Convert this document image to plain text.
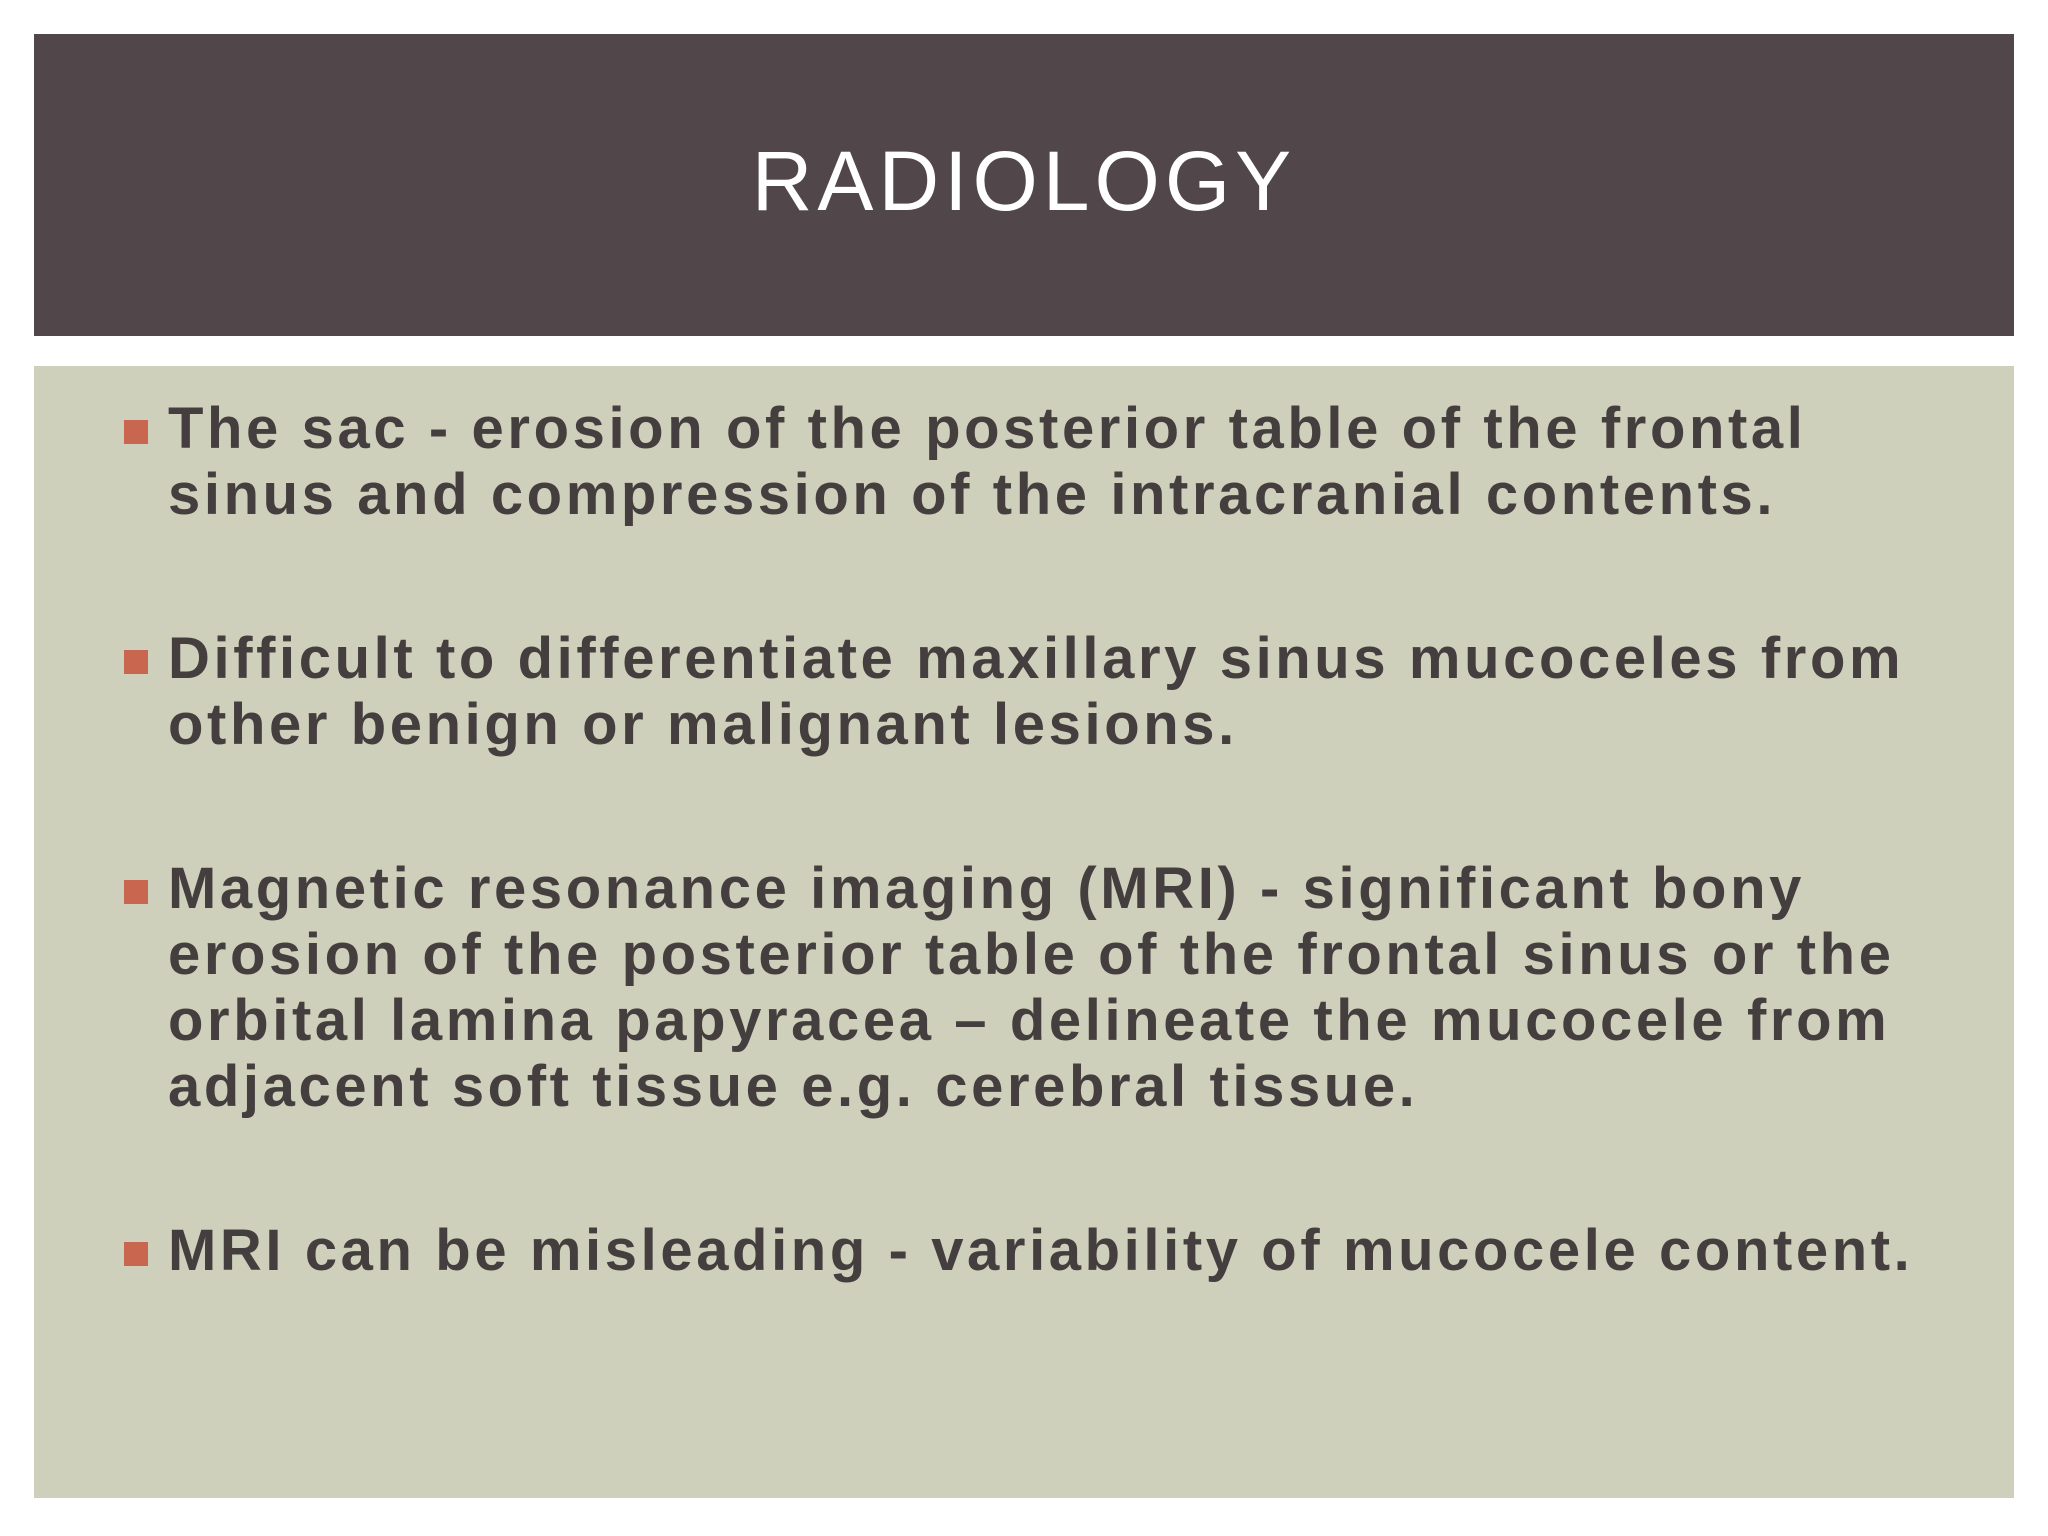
RADIOLOGY
The sac - erosion of the posterior table of the frontal sinus and compression of the intracranial contents.
Difficult to differentiate maxillary sinus mucoceles from other benign or malignant lesions.
Magnetic resonance imaging (MRI) - significant bony erosion of the posterior table of the frontal sinus or the orbital lamina papyracea – delineate the mucocele from adjacent soft tissue e.g. cerebral tissue.
MRI can be misleading - variability of mucocele content.
